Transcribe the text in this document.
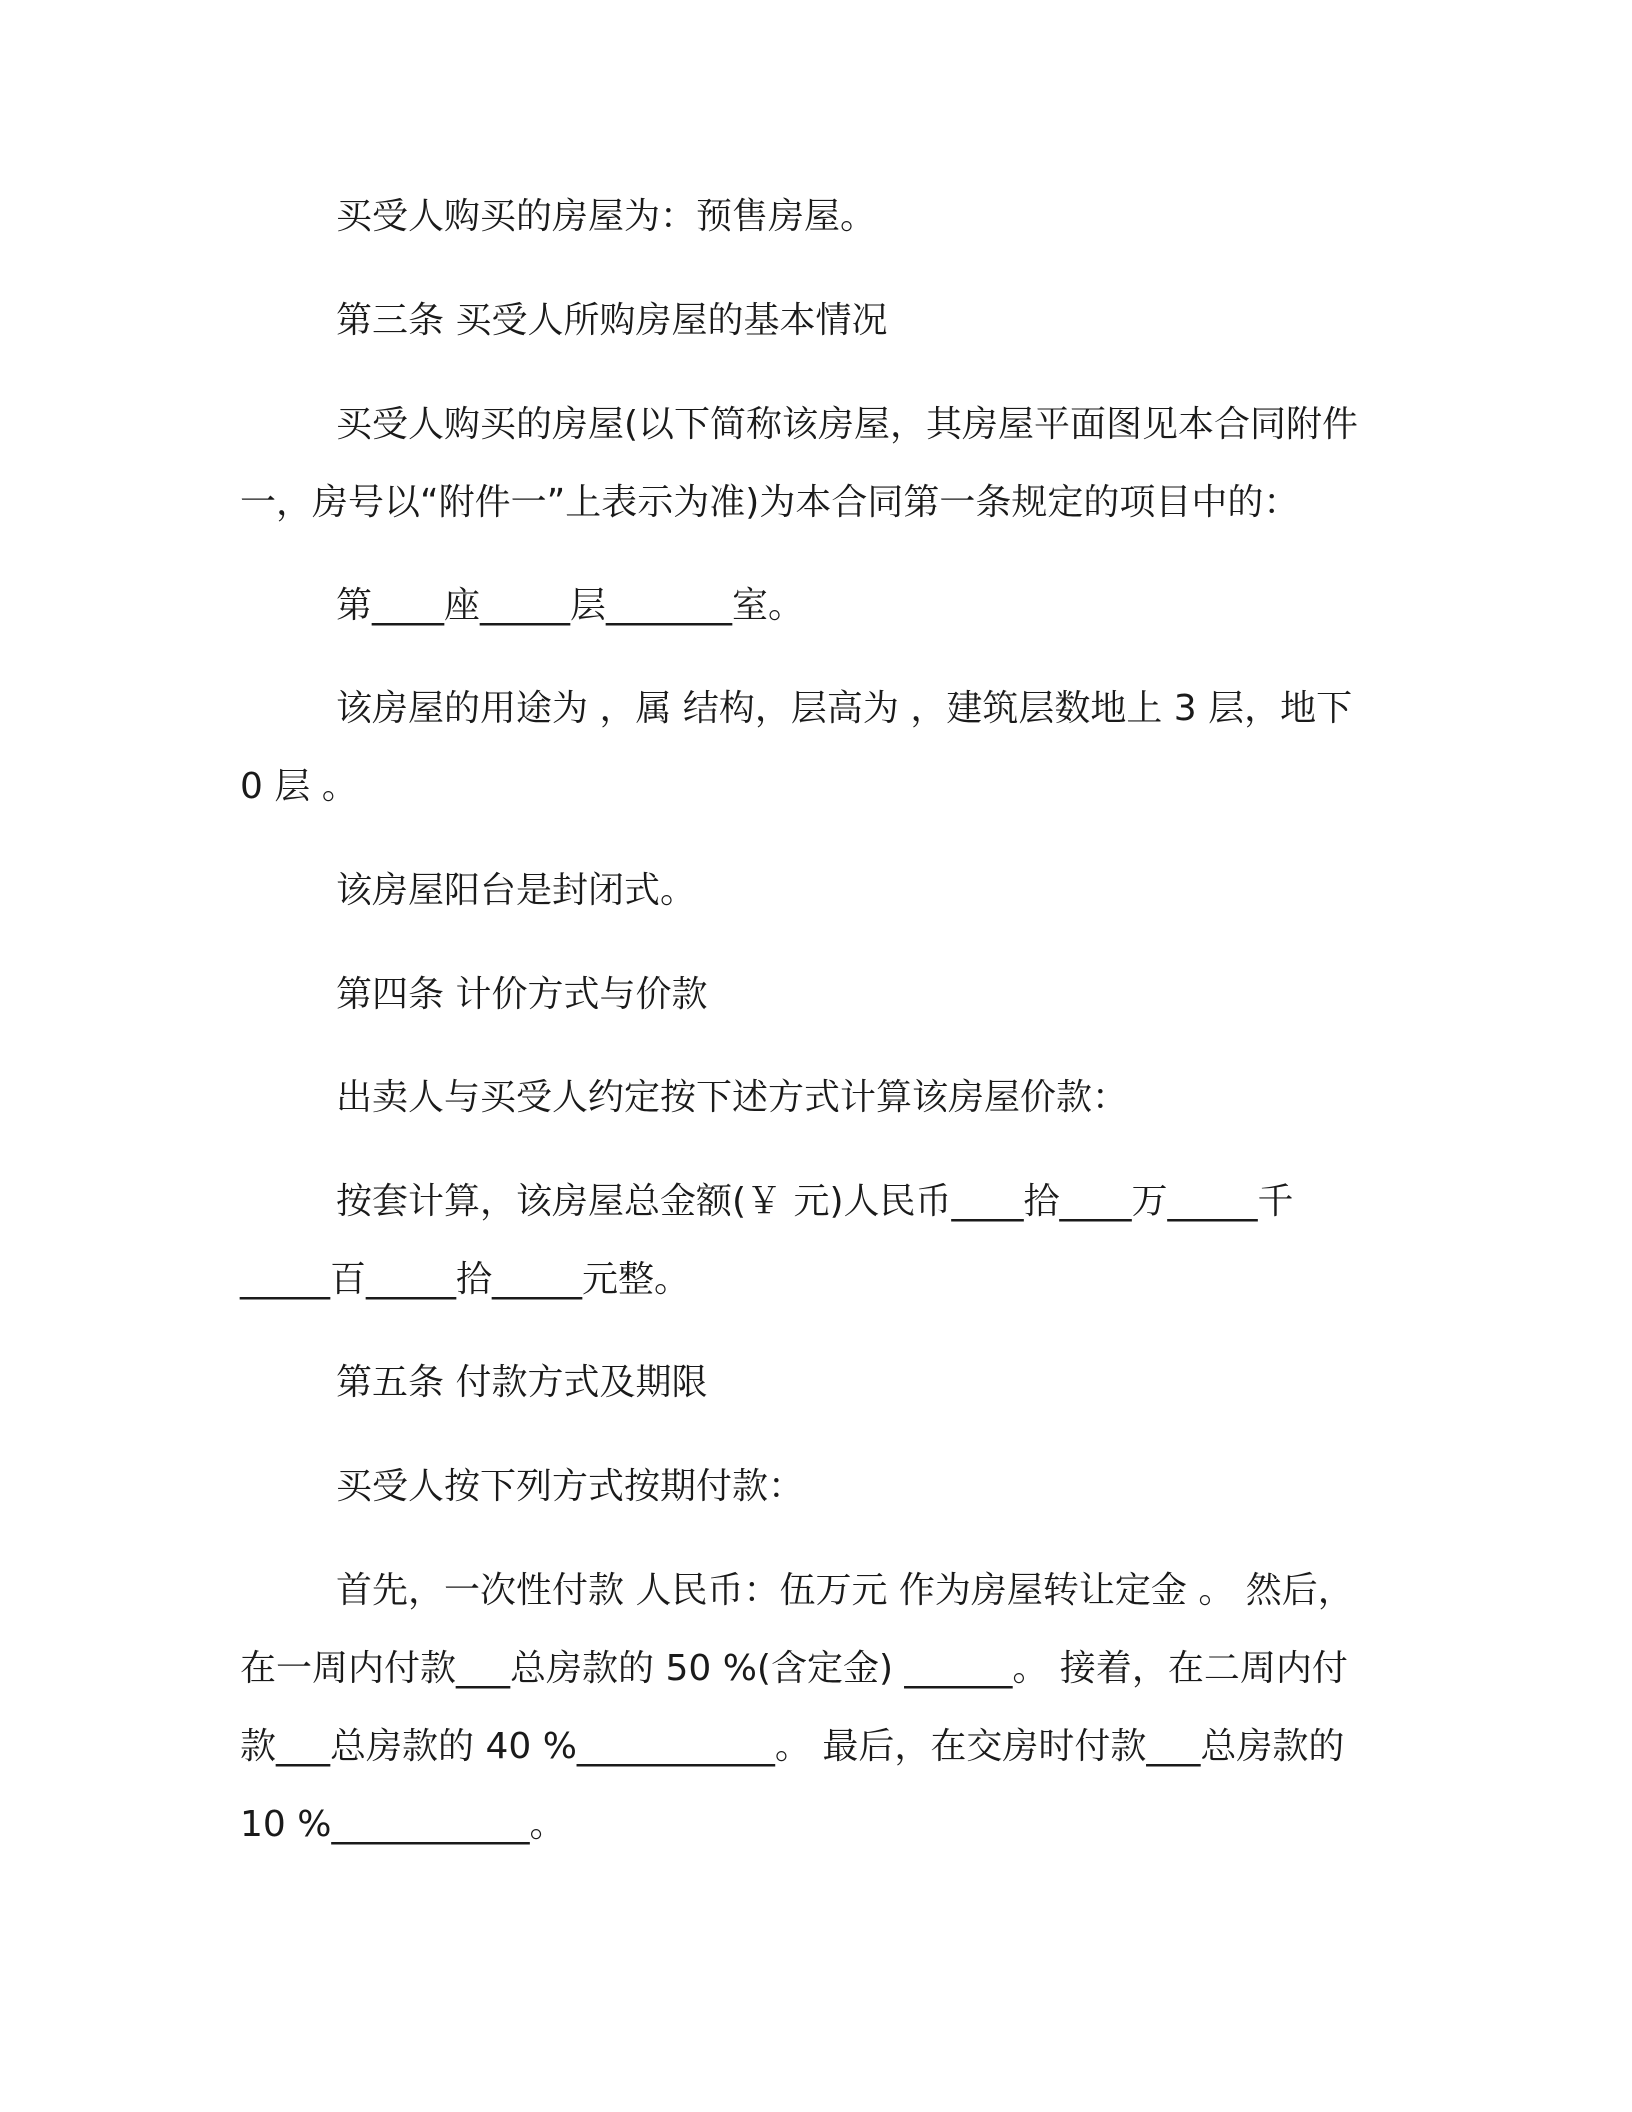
买受人购买的房屋为：预售房屋。

第三条 买受人所购房屋的基本情况

买受人购买的房屋(以下简称该房屋，其房屋平面图见本合同附件一，房号以“附件一”上表示为准)为本合同第一条规定的项目中的：

第____座_____层_______室。

该房屋的用途为 ，属 结构，层高为 ，建筑层数地上 3 层，地下 0 层 。

该房屋阳台是封闭式。

第四条 计价方式与价款

出卖人与买受人约定按下述方式计算该房屋价款：

按套计算，该房屋总金额(￥ 元)人民币____拾____万_____千_____百_____拾_____元整。

第五条 付款方式及期限

买受人按下列方式按期付款：

首先，一次性付款 人民币：伍万元 作为房屋转让定金 。 然后，在一周内付款___总房款的 50 %(含定金) ______。 接着，在二周内付款___总房款的 40 %___________。 最后，在交房时付款___总房款的 10 %___________。
